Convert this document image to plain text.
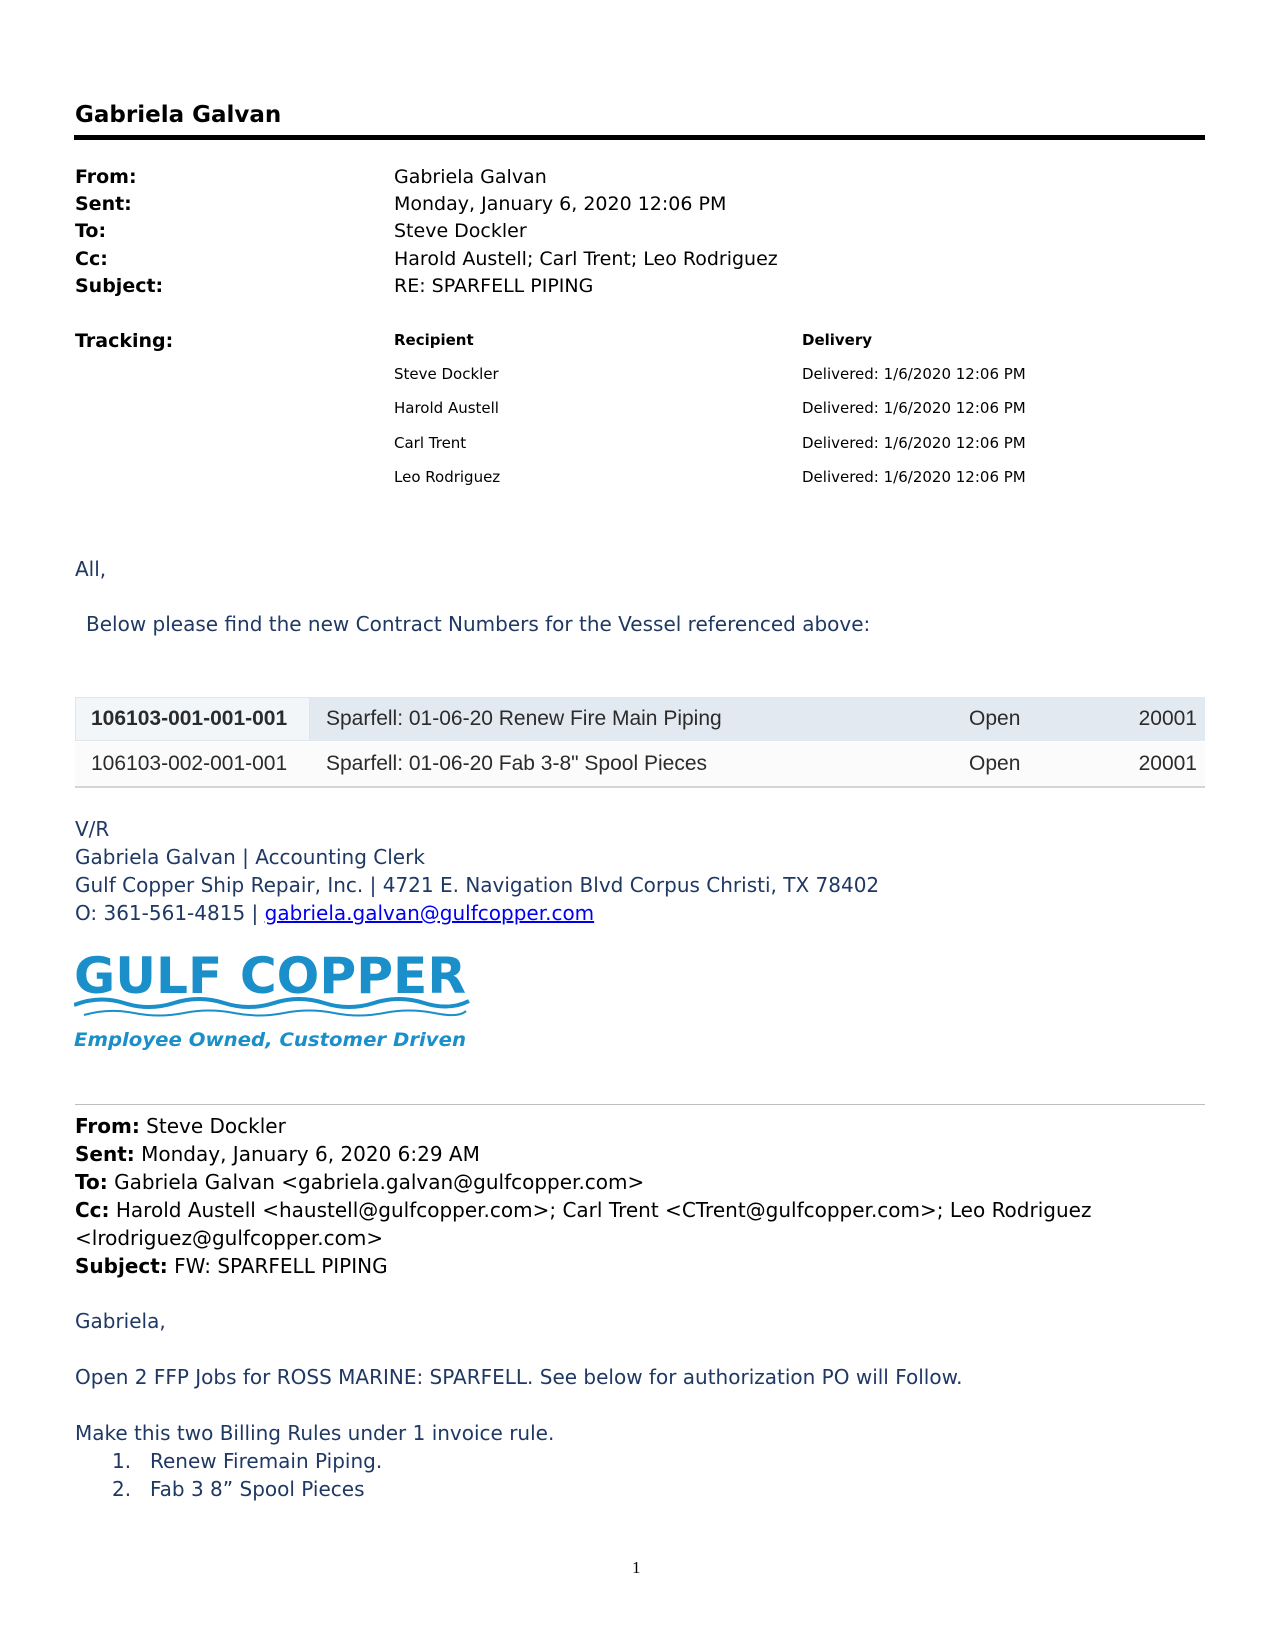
Gabriela Galvan
From:	Gabriela Galvan
Sent:	Monday, January 6, 2020 12:06 PM
To:	Steve Dockler
Cc:	Harold Austell; Carl Trent; Leo Rodriguez
Subject:	RE: SPARFELL PIPING
Tracking:	Recipient	Delivery
Steve Dockler	Delivered: 1/6/2020 12:06 PM
Harold Austell	Delivered: 1/6/2020 12:06 PM
Carl Trent	Delivered: 1/6/2020 12:06 PM
Leo Rodriguez	Delivered: 1/6/2020 12:06 PM
All,
Below please find the new Contract Numbers for the Vessel referenced above:
106103-001-001-001 Sparfell: 01-06-20 Renew Fire Main Piping	Open	20001
106103-002-001-001 Sparfell: 01-06-20 Fab 3-8" Spool Pieces	Open	20001
V/R
Gabriela Galvan | Accounting Clerk
Gulf Copper Ship Repair, Inc. | 4721 E. Navigation Blvd Corpus Christi, TX 78402
O: 361-561-4815 | gabriela.galvan@gulfcopper.com
GULF COPPER
Employee Owned, Customer Driven
From: Steve Dockler
Sent: Monday, January 6, 2020 6:29 AM
To: Gabriela Galvan <gabriela.galvan@gulfcopper.com>
Cc: Harold Austell <haustell@gulfcopper.com>; Carl Trent <CTrent@gulfcopper.com>; Leo Rodriguez
<lrodriguez@gulfcopper.com>
Subject: FW: SPARFELL PIPING
Gabriela,
Open 2 FFP Jobs for ROSS MARINE: SPARFELL. See below for authorization PO will Follow.
Make this two Billing Rules under 1 invoice rule.
1. Renew Firemain Piping.
2. Fab 3 8” Spool Pieces
1
